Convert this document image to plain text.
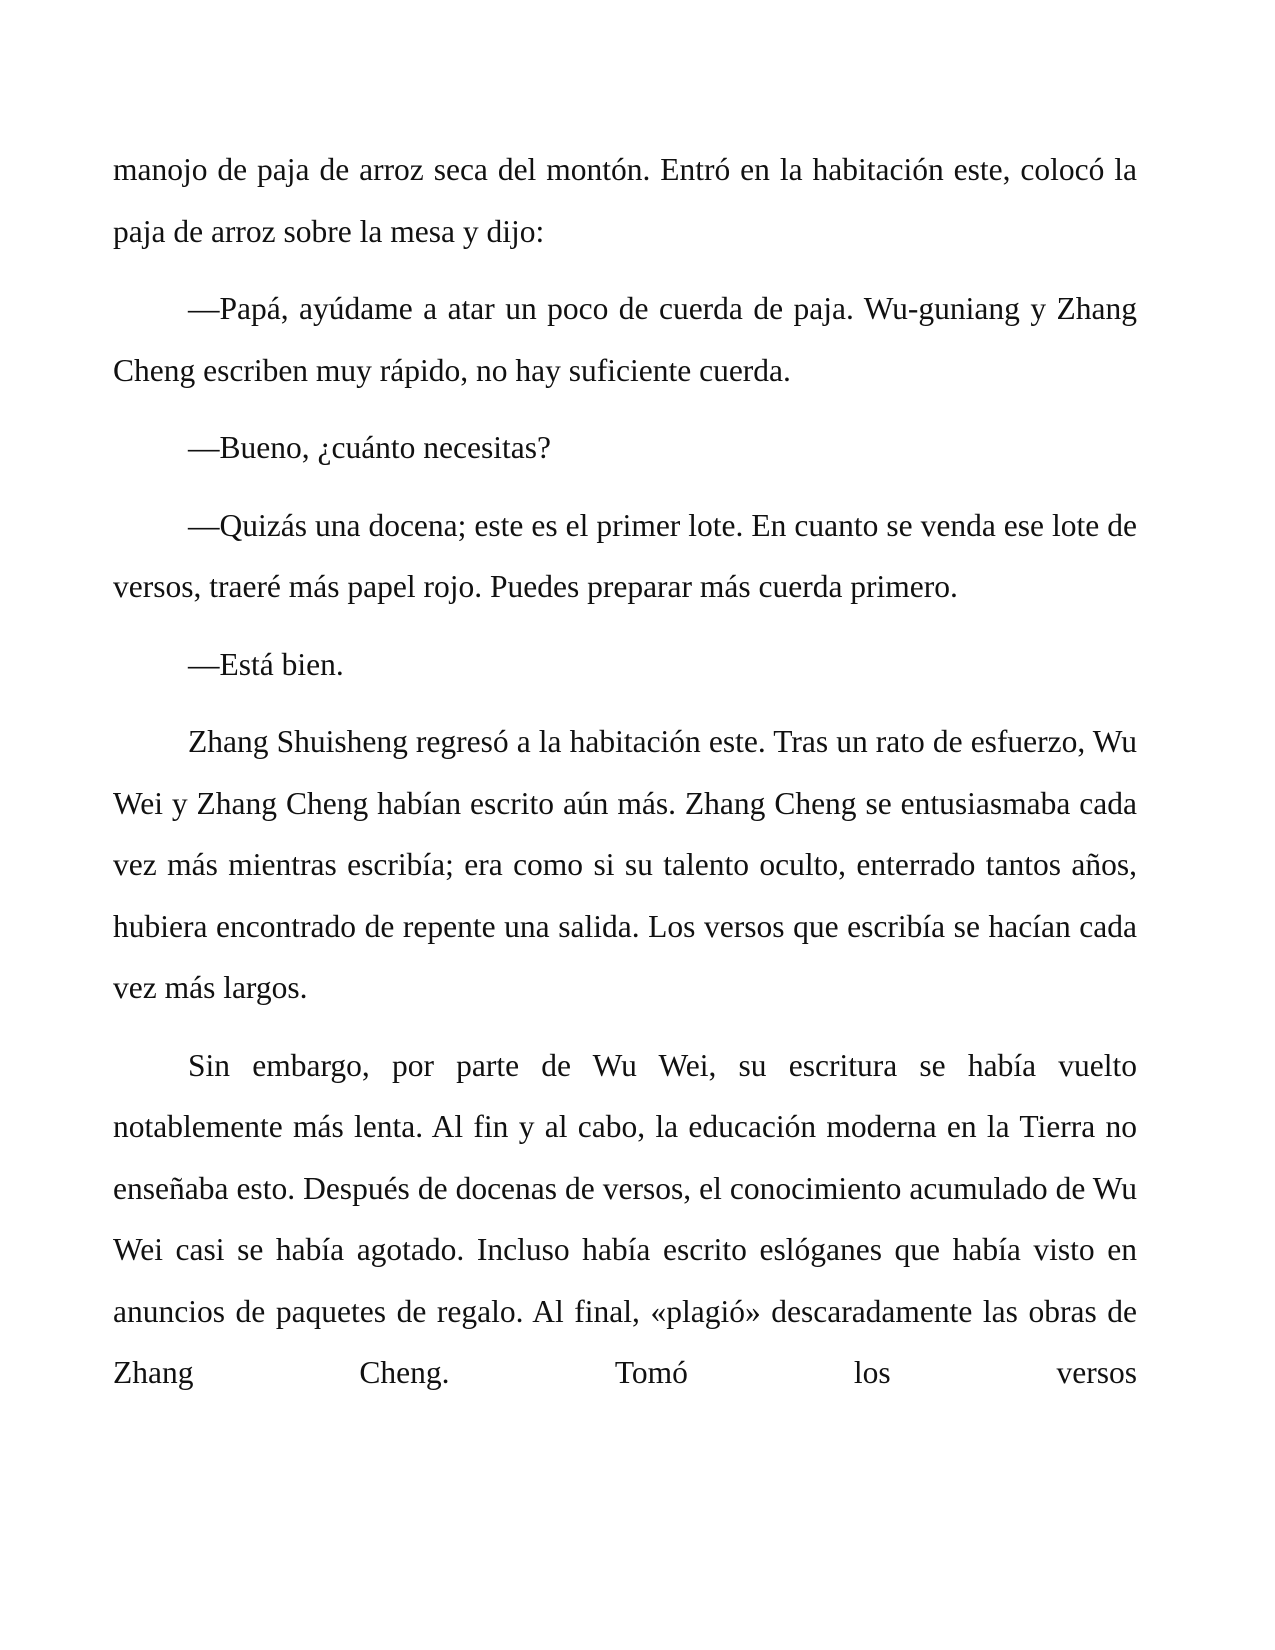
manojo de paja de arroz seca del montón. Entró en la habitación este, colocó la paja de arroz sobre la mesa y dijo:

—Papá, ayúdame a atar un poco de cuerda de paja. Wu-guniang y Zhang Cheng escriben muy rápido, no hay suficiente cuerda.

—Bueno, ¿cuánto necesitas?

—Quizás una docena; este es el primer lote. En cuanto se venda ese lote de versos, traeré más papel rojo. Puedes preparar más cuerda primero.

—Está bien.

Zhang Shuisheng regresó a la habitación este. Tras un rato de esfuerzo, Wu Wei y Zhang Cheng habían escrito aún más. Zhang Cheng se entusiasmaba cada vez más mientras escribía; era como si su talento oculto, enterrado tantos años, hubiera encontrado de repente una salida. Los versos que escribía se hacían cada vez más largos.

Sin embargo, por parte de Wu Wei, su escritura se había vuelto notablemente más lenta. Al fin y al cabo, la educación moderna en la Tierra no enseñaba esto. Después de docenas de versos, el conocimiento acumulado de Wu Wei casi se había agotado. Incluso había escrito eslóganes que había visto en anuncios de paquetes de regalo. Al final, «plagió» descaradamente las obras de Zhang Cheng. Tomó los versos
